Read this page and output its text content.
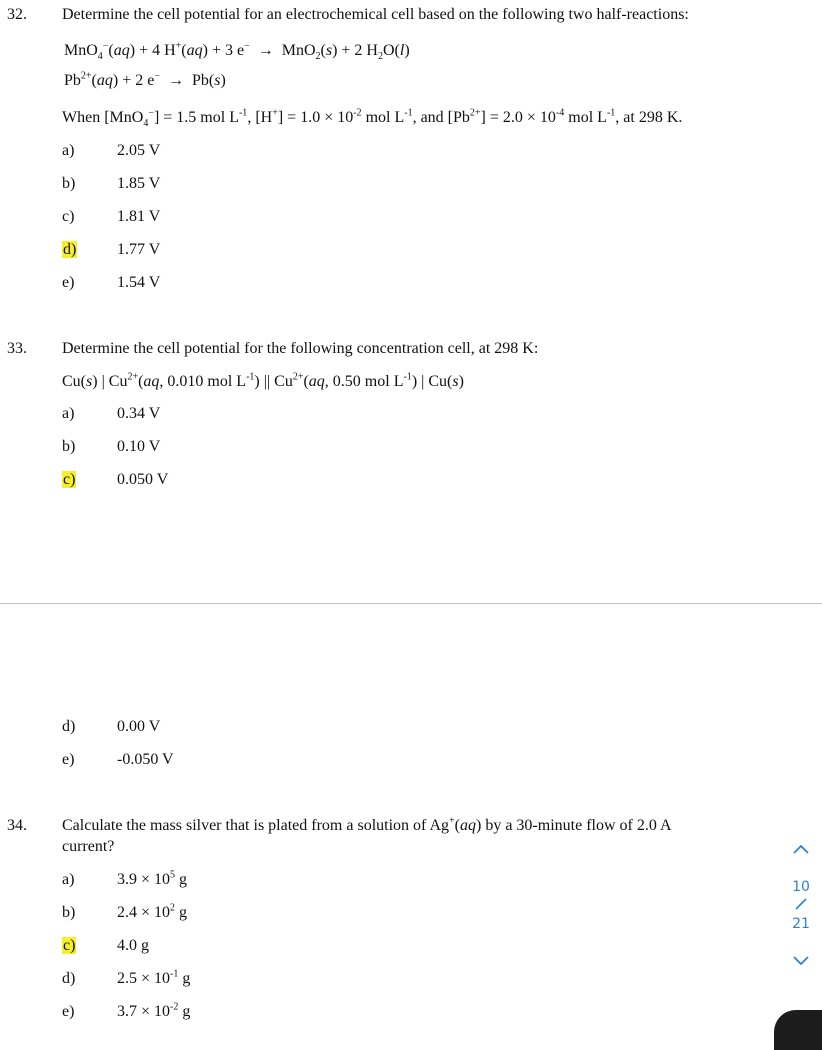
32. Determine the cell potential for an electrochemical cell based on the following two half-reactions:
MnO$_4$−(aq) + 4 H+(aq) + 3 e−  →  MnO$_2$(s) + 2 $H_2O(l)$
$Pb^{2+}(aq) + 2$ e−  →  Pb(s)
When [MnO$_4$−] = 1.5 mol $L^{-1}$, $[H^+] = 1.0 \times 10^{-2}$ mol $L^{-1}$, and $[Pb^{2+}] = 2.0 \times 10^{-4}$ mol $L^{-1}$, at 298 K.
a)	2.05 V
b)	1.85 V
c)	1.81 V
d)	1.77 V
e)	1.54 V
33. Determine the cell potential for the following concentration cell, at 298 K:
Cu(s) | $Cu^{2+}(aq$, 0.010 mol $L^{-1}$) || $Cu^{2+}(aq$, 0.50 mol $L^{-1}$) | Cu(s)
a)	0.34 V
b)	0.10 V
c)	0.050 V
d)	0.00 V
e)	-0.050 V
34. Calculate the mass silver that is plated from a solution of Ag+(aq) by a 30-minute flow of 2.0 A
current?
a)	$3.9 \times 10^5$ g
b)	$2.4 \times 10^2$ g
c)	4.0 g
d)	$2.5 \times 10^{-1}$ g
e)	$3.7 \times 10^{-2}$ g
10
21
